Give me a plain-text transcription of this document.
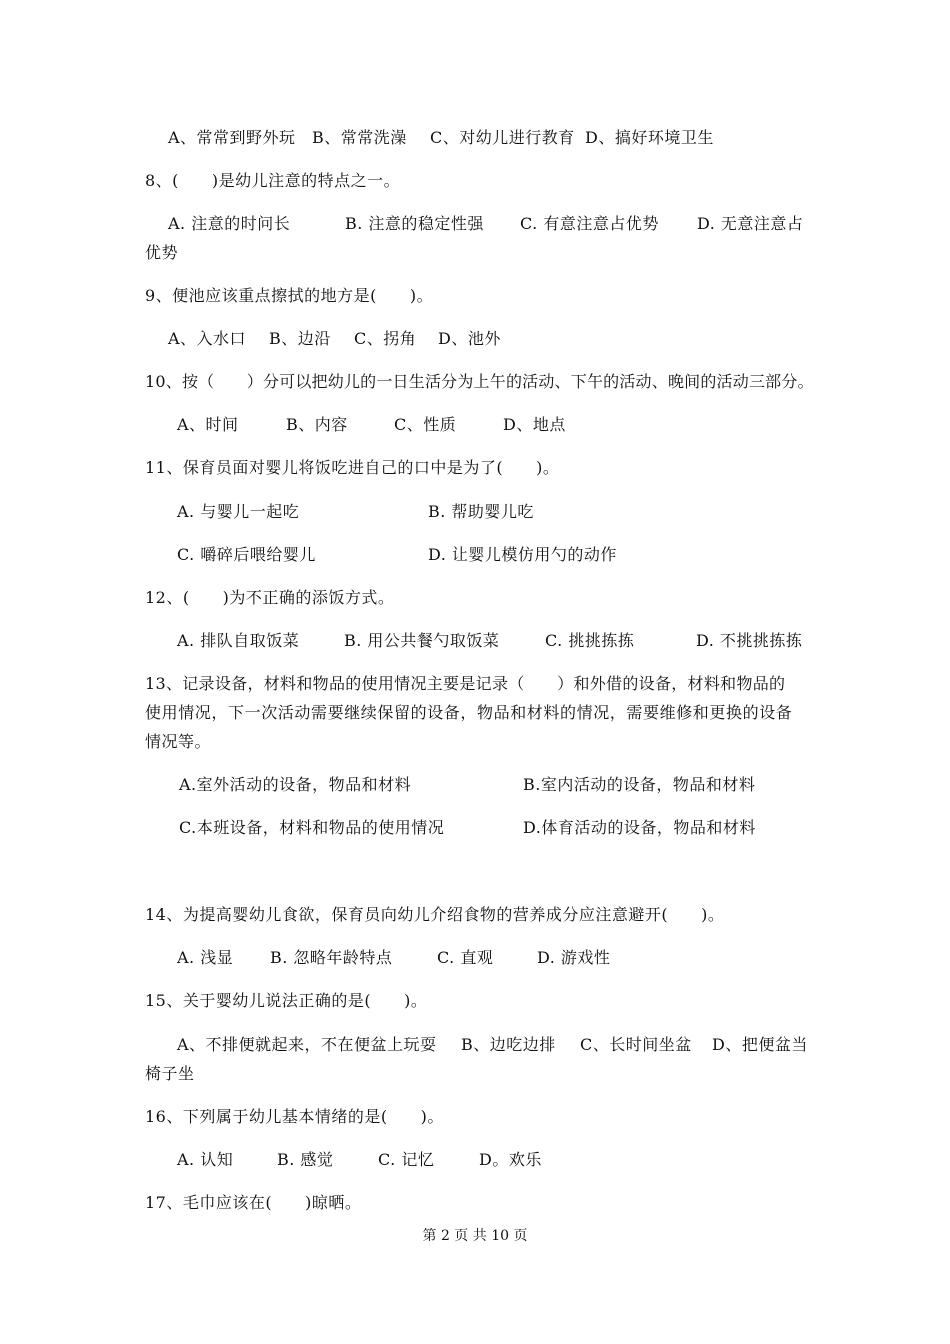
A、常常到野外玩 B、常常洗澡 C、对幼儿进行教育 D、搞好环境卫生
8、(　　)是幼儿注意的特点之一。
A. 注意的时问长	B. 注意的稳定性强 C. 有意注意占优势 D. 无意注意占
优势
9、便池应该重点擦拭的地方是(　　)。
A、入水口 B、边沿 C、拐角 D、池外
10、按（　　）分可以把幼儿的一日生活分为上午的活动、下午的活动、晚间的活动三部分。
A、时间	B、内容	C、性质	D、地点
11、保育员面对婴儿将饭吃进自己的口中是为了(　　)。
A. 与婴儿一起吃	B. 帮助婴儿吃
C. 嚼碎后喂给婴儿	D. 让婴儿模仿用勺的动作
12、(　　)为不正确的添饭方式。
A. 排队自取饭菜	B. 用公共餐勺取饭菜	C. 挑挑拣拣	D. 不挑挑拣拣
13、记录设备，材料和物品的使用情况主要是记录（　　）和外借的设备，材料和物品的
使用情况，下一次活动需要继续保留的设备，物品和材料的情况，需要维修和更换的设备
情况等。
A.室外活动的设备，物品和材料	B.室内活动的设备，物品和材料
C.本班设备，材料和物品的使用情况	D.体育活动的设备，物品和材料
14、为提高婴幼儿食欲，保育员向幼儿介绍食物的营养成分应注意避开(　　)。
A. 浅显 B. 忽略年龄特点	C. 直观	D. 游戏性
15、关于婴幼儿说法正确的是(　　)。
A、不排便就起来，不在便盆上玩耍 B、边吃边排 C、长时间坐盆 D、把便盆当
椅子坐
16、下列属于幼儿基本情绪的是(　　)。
A. 认知	B. 感觉	C. 记忆	D。欢乐
17、毛巾应该在(　　)晾晒。
第 2 页 共 10 页
